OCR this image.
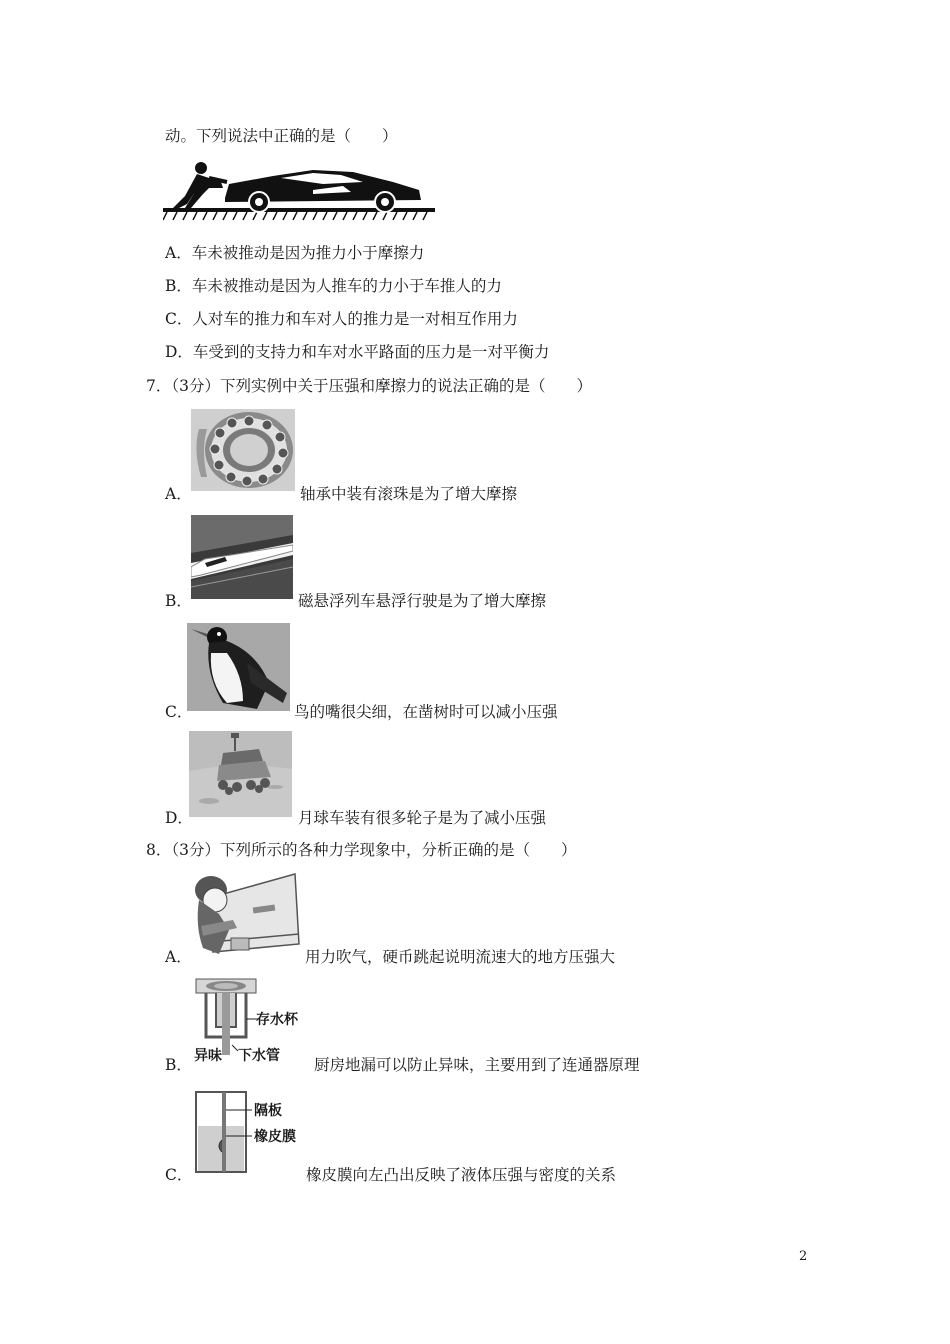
动。下列说法中正确的是（　　）
A．车未被推动是因为推力小于摩擦力
B．车未被推动是因为人推车的力小于车推人的力
C．人对车的推力和车对人的推力是一对相互作用力
D．车受到的支持力和车对水平路面的压力是一对平衡力
7．（3分）下列实例中关于压强和摩擦力的说法正确的是（　　）
A．	轴承中装有滚珠是为了增大摩擦
B．	磁悬浮列车悬浮行驶是为了增大摩擦
C．	鸟的嘴很尖细，在凿树时可以减小压强
D．	月球车装有很多轮子是为了减小压强
8．（3分）下列所示的各种力学现象中，分析正确的是（　　）
A．	用力吹气，硬币跳起说明流速大的地方压强大
存水杯
异味 下水管
B．	厨房地漏可以防止异味，主要用到了连通器原理
隔板
橡皮膜
C．	橡皮膜向左凸出反映了液体压强与密度的关系
2
